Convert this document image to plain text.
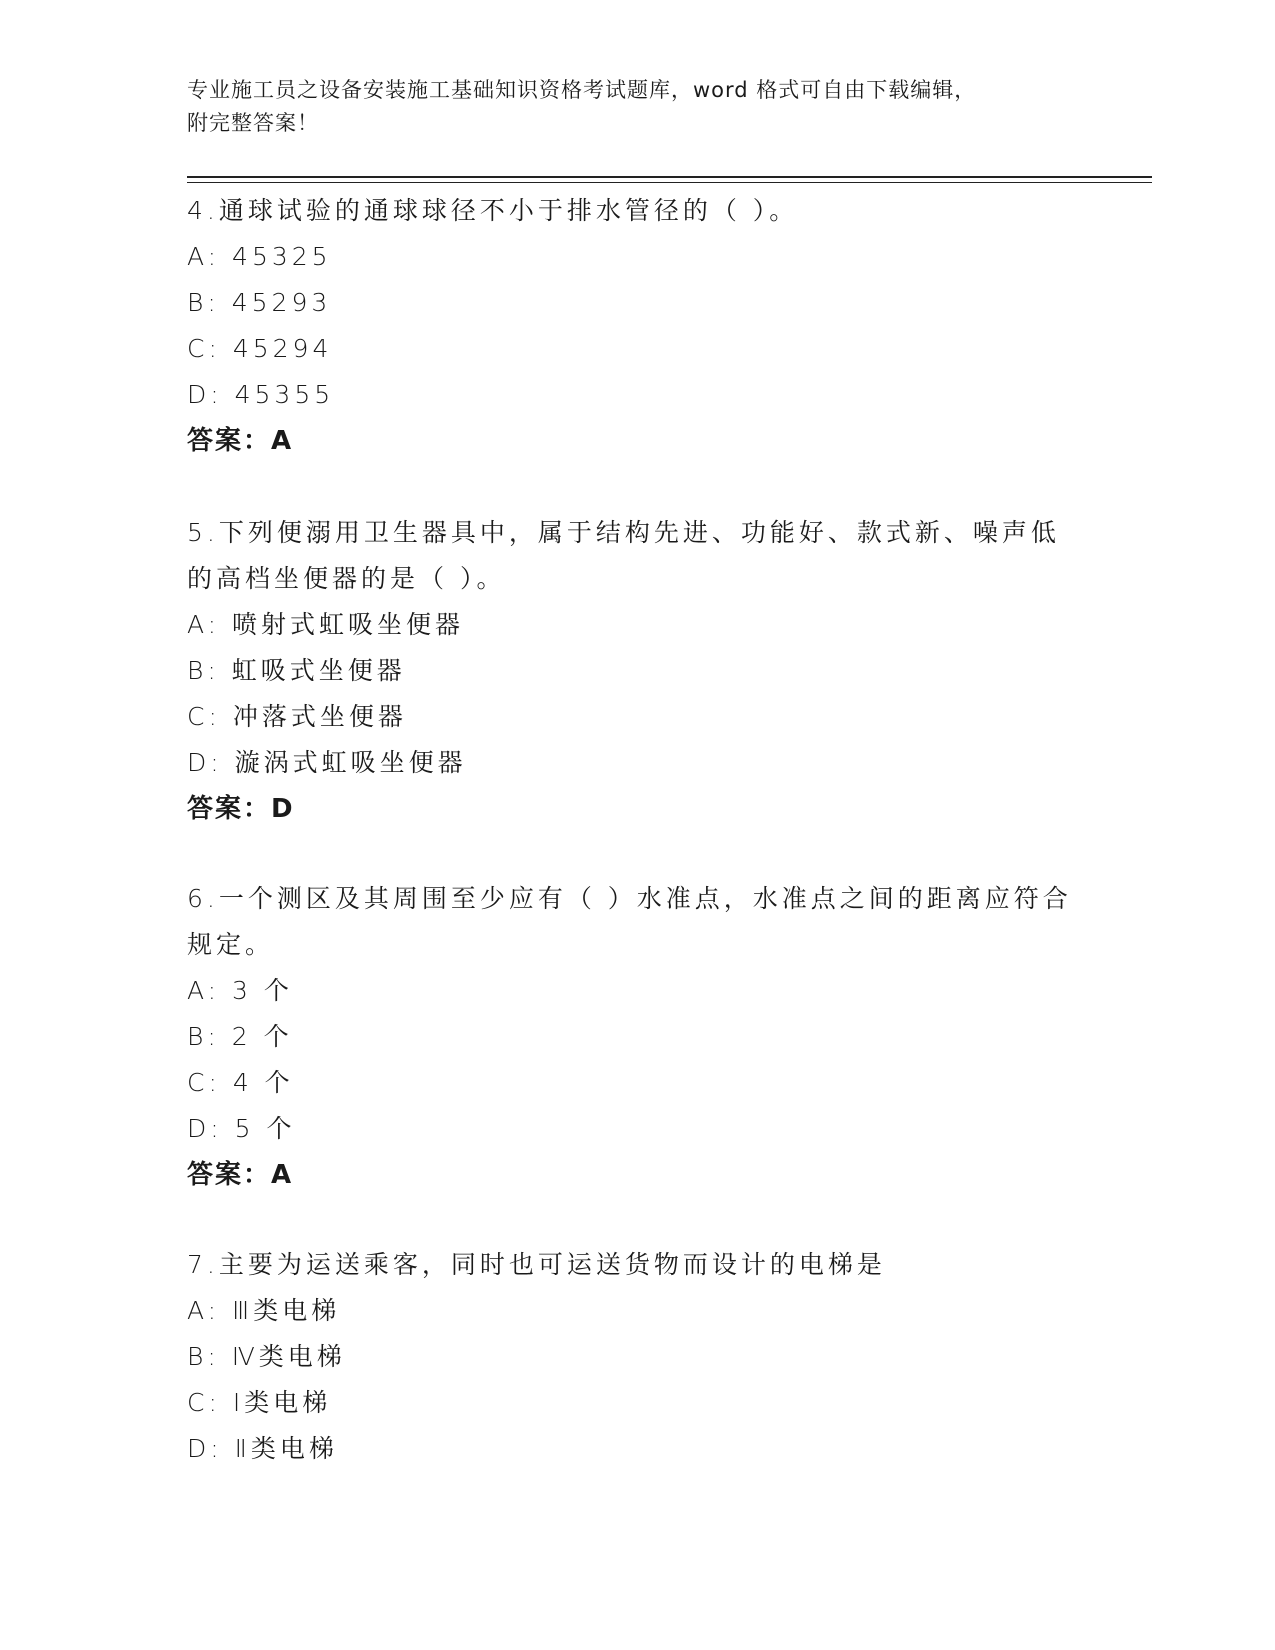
专业施工员之设备安装施工基础知识资格考试题库，word 格式可自由下载编辑，
附完整答案！
4.通球试验的通球球径不小于排水管径的（ ）。
A: 45325
B: 45293
C: 45294
D: 45355
答案：A
5.下列便溺用卫生器具中，属于结构先进、功能好、款式新、噪声低
的高档坐便器的是（ ）。
A: 喷射式虹吸坐便器
B: 虹吸式坐便器
C: 冲落式坐便器
D: 漩涡式虹吸坐便器
答案：D
6.一个测区及其周围至少应有（ ）水准点，水准点之间的距离应符合
规定。
A: 3 个
B: 2 个
C: 4 个
D: 5 个
答案：A
7.主要为运送乘客，同时也可运送货物而设计的电梯是
A: Ⅲ类电梯
B: Ⅳ类电梯
C: Ⅰ类电梯
D: Ⅱ类电梯
